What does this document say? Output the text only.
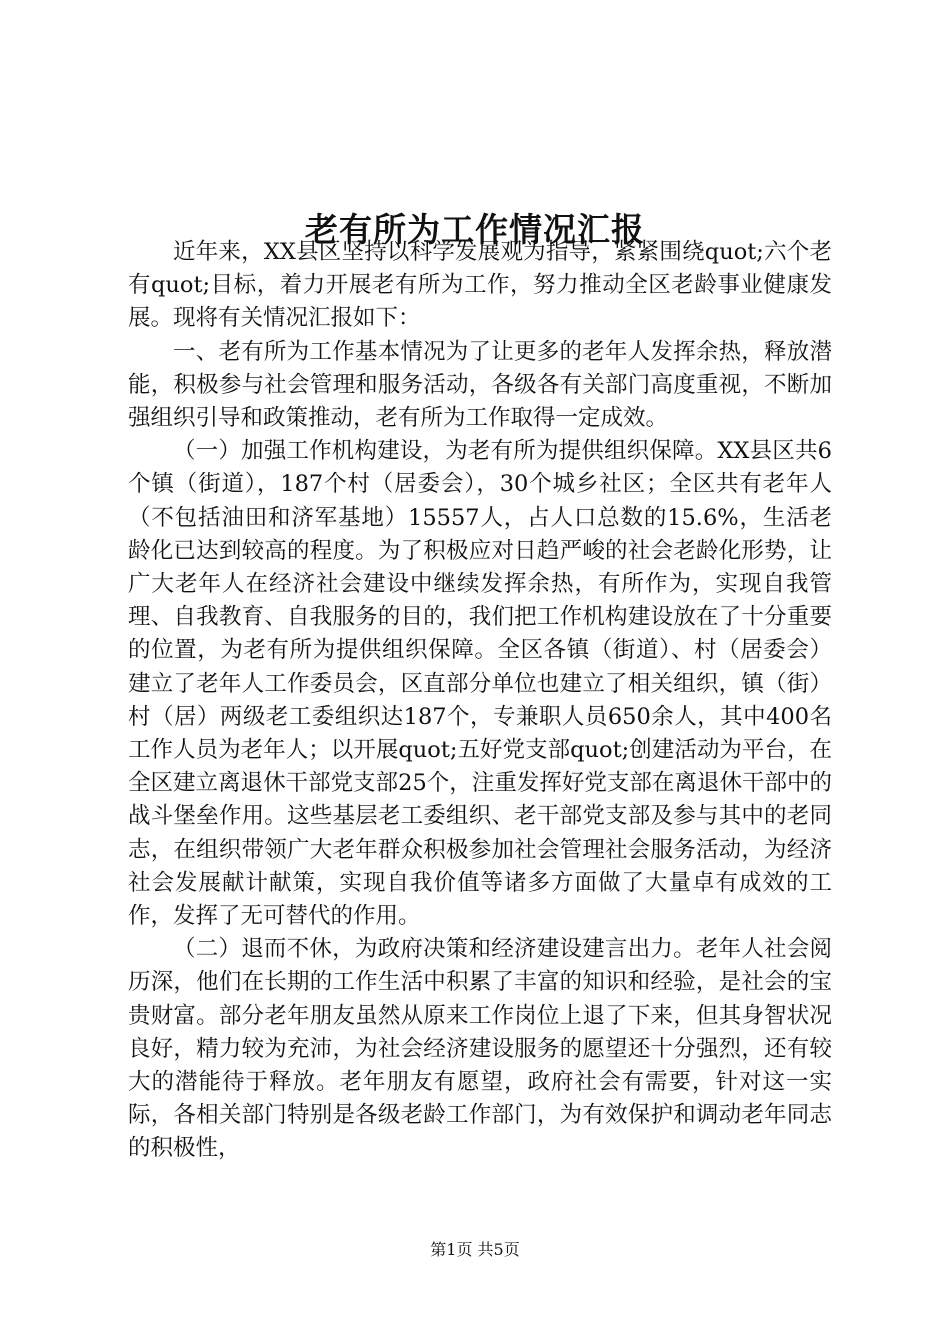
老有所为工作情况汇报

近年来，XX县区坚持以科学发展观为指导，紧紧围绕quot;六个老有quot;目标，着力开展老有所为工作，努力推动全区老龄事业健康发展。现将有关情况汇报如下：

一、老有所为工作基本情况为了让更多的老年人发挥余热，释放潜能，积极参与社会管理和服务活动，各级各有关部门高度重视，不断加强组织引导和政策推动，老有所为工作取得一定成效。

（一）加强工作机构建设，为老有所为提供组织保障。XX县区共6个镇（街道），187个村（居委会），30个城乡社区；全区共有老年人（不包括油田和济军基地）15557人，占人口总数的15.6%，生活老龄化已达到较高的程度。为了积极应对日趋严峻的社会老龄化形势，让广大老年人在经济社会建设中继续发挥余热，有所作为，实现自我管理、自我教育、自我服务的目的，我们把工作机构建设放在了十分重要的位置，为老有所为提供组织保障。全区各镇（街道）、村（居委会）建立了老年人工作委员会，区直部分单位也建立了相关组织，镇（街）村（居）两级老工委组织达187个，专兼职人员650余人，其中400名工作人员为老年人；以开展quot;五好党支部quot;创建活动为平台，在全区建立离退休干部党支部25个，注重发挥好党支部在离退休干部中的战斗堡垒作用。这些基层老工委组织、老干部党支部及参与其中的老同志，在组织带领广大老年群众积极参加社会管理社会服务活动，为经济社会发展献计献策，实现自我价值等诸多方面做了大量卓有成效的工作，发挥了无可替代的作用。

（二）退而不休，为政府决策和经济建设建言出力。老年人社会阅历深，他们在长期的工作生活中积累了丰富的知识和经验，是社会的宝贵财富。部分老年朋友虽然从原来工作岗位上退了下来，但其身智状况良好，精力较为充沛，为社会经济建设服务的愿望还十分强烈，还有较大的潜能待于释放。老年朋友有愿望，政府社会有需要，针对这一实际，各相关部门特别是各级老龄工作部门，为有效保护和调动老年同志的积极性，

第1页 共5页
